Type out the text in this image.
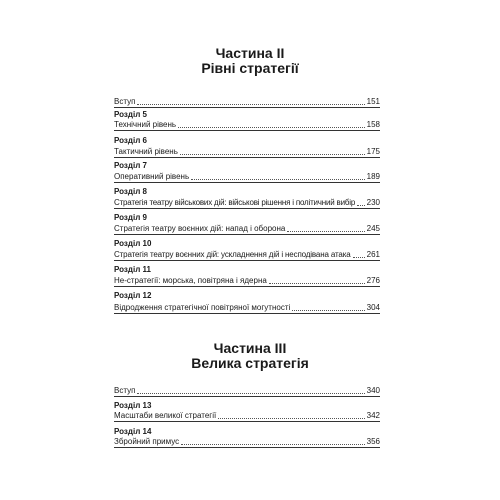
Частина II
Рівні стратегії
Вступ	151
Розділ 5
Технічний рівень	158
Розділ 6
Тактичний рівень	175
Розділ 7
Оперативний рівень	189
Розділ 8
Стратегія театру військових дій: військові рішення і політичний вибір 230
Розділ 9
Стратегія театру воєнних дій: напад і оборона	245
Розділ 10
Стратегія театру воєнних дій: ускладнення дій і несподівана атака 261
Розділ 11
Не-стратегії: морська, повітряна і ядерна	276
Розділ 12
Відродження стратегічної повітряної могутності	304
Частина III
Велика стратегія
Вступ	340
Розділ 13
Масштаби великої стратегії	342
Розділ 14
Збройний примус	356
